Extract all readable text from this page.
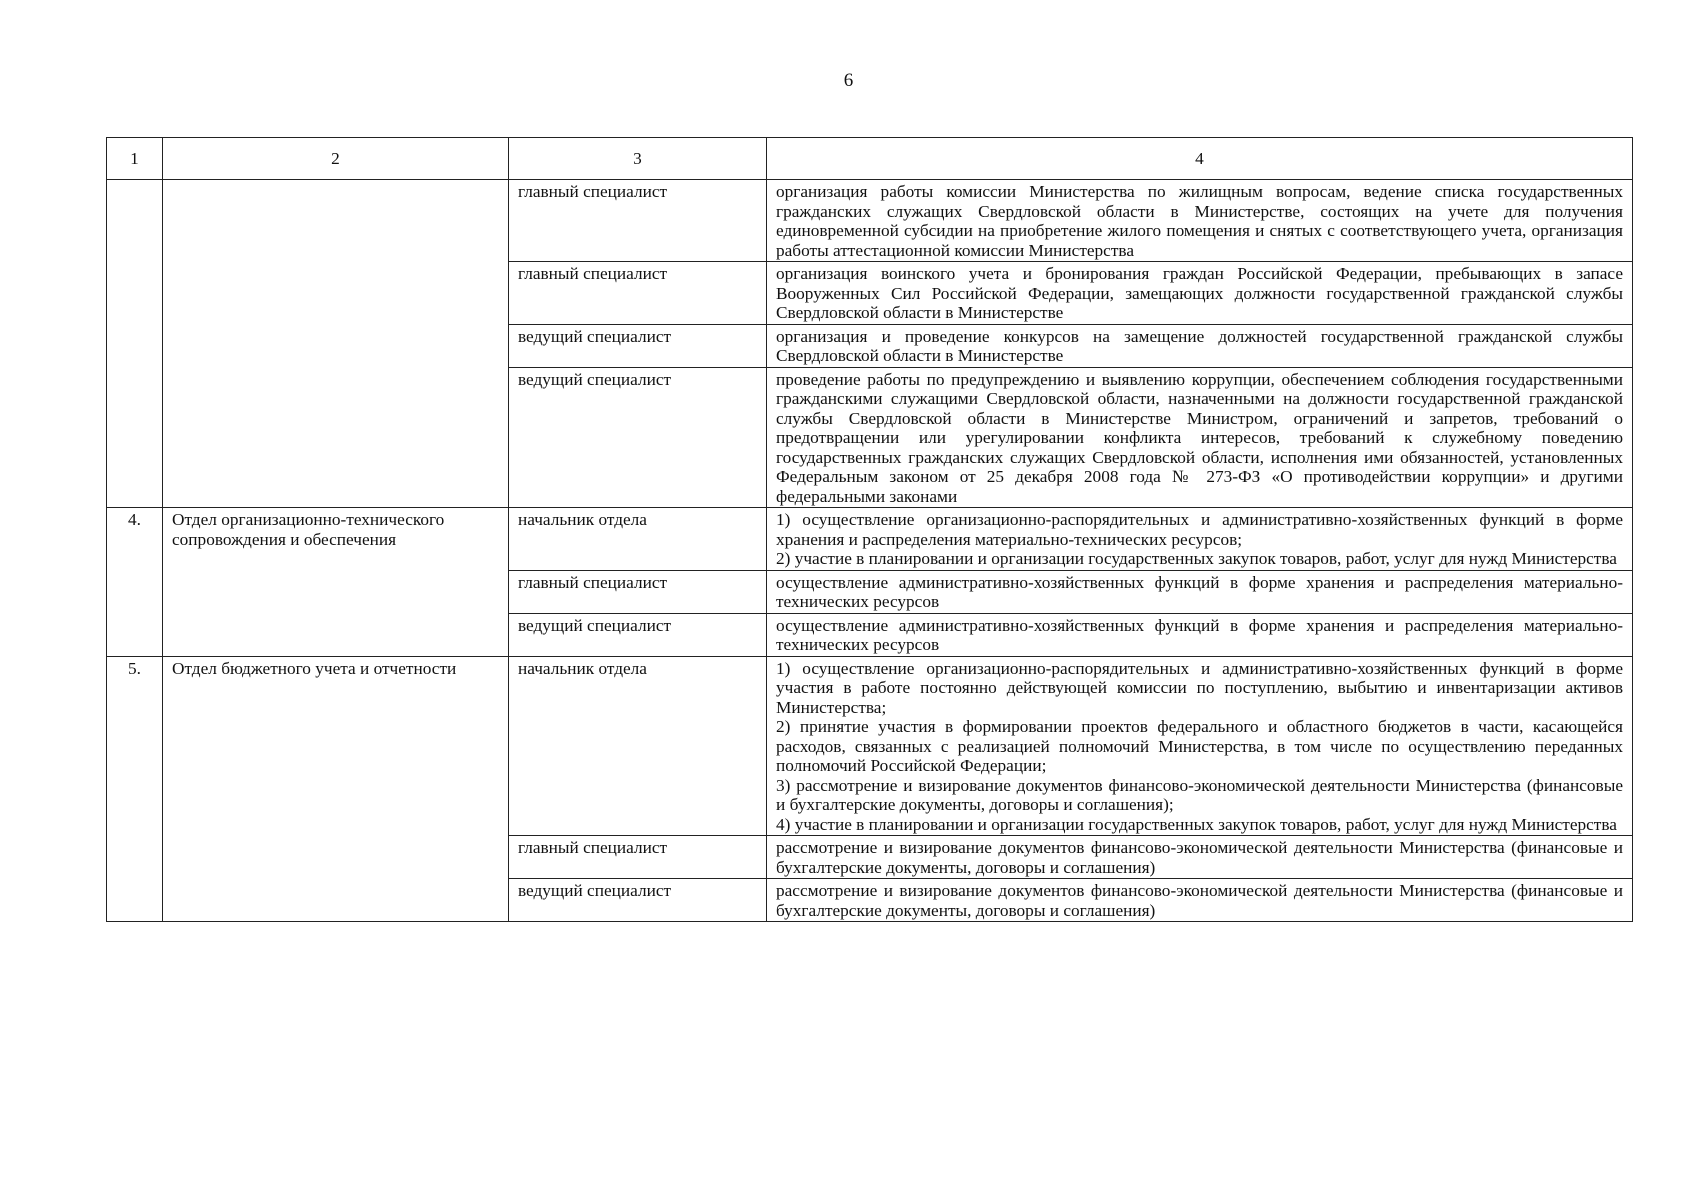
6
1	2	3	4
		главный специалист	организация работы комиссии Министерства по жилищным вопросам, ведение списка государственных гражданских служащих Свердловской области в Министерстве, состоящих на учете для получения единовременной субсидии на приобретение жилого помещения и снятых с соответствующего учета, организация работы аттестационной комиссии Министерства
		главный специалист	организация воинского учета и бронирования граждан Российской Федерации, пребывающих в запасе Вооруженных Сил Российской Федерации, замещающих должности государственной гражданской службы Свердловской области в Министерстве
		ведущий специалист	организация и проведение конкурсов на замещение должностей государственной гражданской службы Свердловской области в Министерстве
		ведущий специалист	проведение работы по предупреждению и выявлению коррупции, обеспечением соблюдения государственными гражданскими служащими Свердловской области, назначенными на должности государственной гражданской службы Свердловской области в Министерстве Министром, ограничений и запретов, требований о предотвращении или урегулировании конфликта интересов, требований к служебному поведению государственных гражданских служащих Свердловской области, исполнения ими обязанностей, установленных Федеральным законом от 25 декабря 2008 года № 273-ФЗ «О противодействии коррупции» и другими федеральными законами
4.	Отдел организационно-технического сопровождения и обеспечения	начальник отдела	1) осуществление организационно-распорядительных и административно-хозяйственных функций в форме хранения и распределения материально-технических ресурсов;
2) участие в планировании и организации государственных закупок товаров, работ, услуг для нужд Министерства

		главный специалист	осуществление административно-хозяйственных функций в форме хранения и распределения материально-технических ресурсов
		ведущий специалист	осуществление административно-хозяйственных функций в форме хранения и распределения материально-технических ресурсов
5.	Отдел бюджетного учета и отчетности	начальник отдела	1) осуществление организационно-распорядительных и административно-хозяйственных функций в форме участия в работе постоянно действующей комиссии по поступлению, выбытию и инвентаризации активов Министерства;
2) принятие участия в формировании проектов федерального и областного бюджетов в части, касающейся расходов, связанных с реализацией полномочий Министерства, в том числе по осуществлению переданных полномочий Российской Федерации;
3) рассмотрение и визирование документов финансово-экономической деятельности Министерства (финансовые и бухгалтерские документы, договоры и соглашения);
4) участие в планировании и организации государственных закупок товаров, работ, услуг для нужд Министерства

		главный специалист	рассмотрение и визирование документов финансово-экономической деятельности Министерства (финансовые и бухгалтерские документы, договоры и соглашения)
		ведущий специалист	рассмотрение и визирование документов финансово-экономической деятельности Министерства (финансовые и бухгалтерские документы, договоры и соглашения)
